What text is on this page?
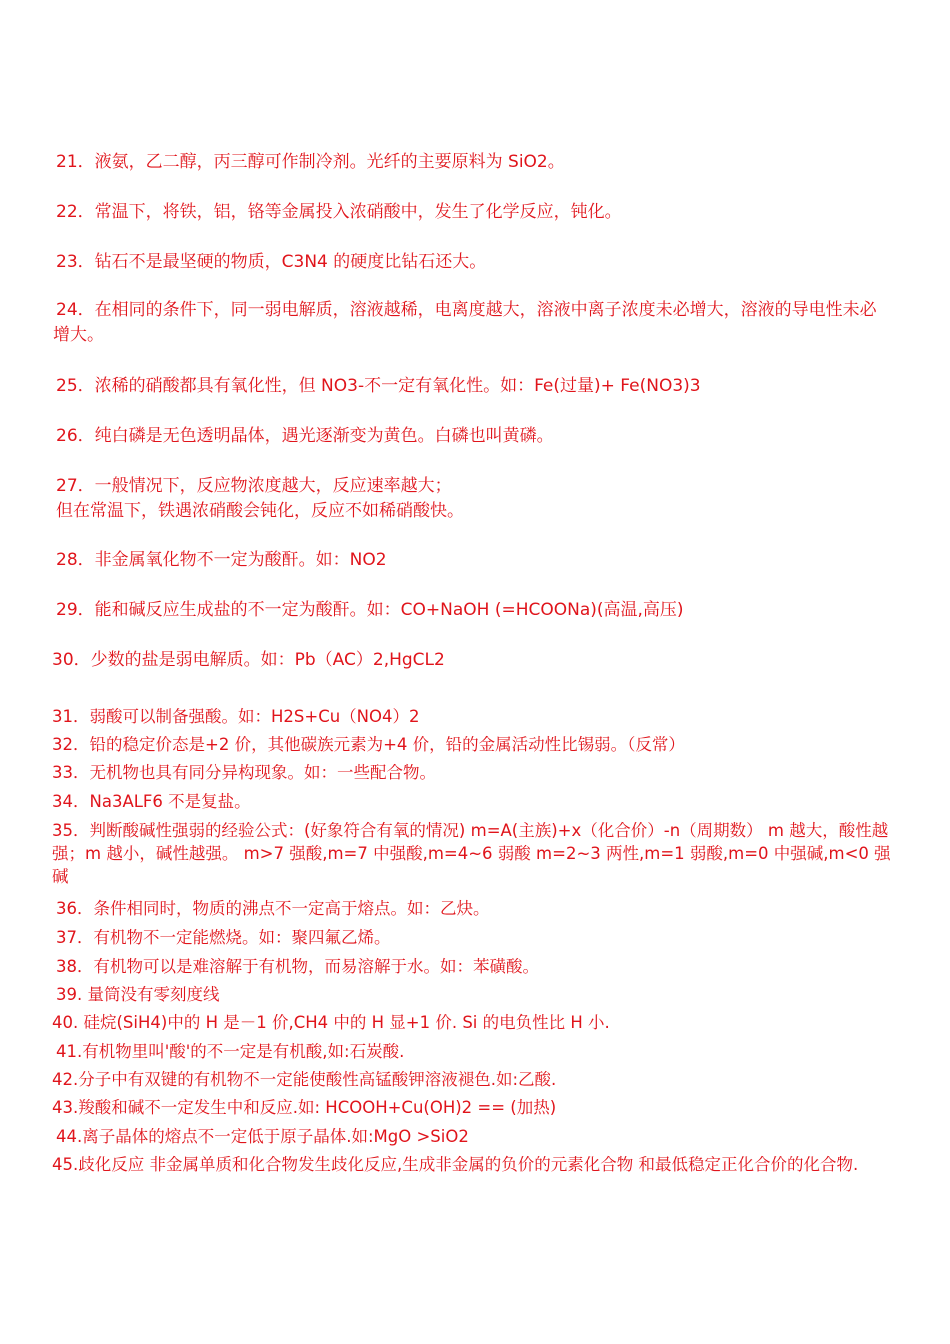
21．液氨，乙二醇，丙三醇可作制冷剂。光纤的主要原料为 SiO2。
22．常温下，将铁，铝，铬等金属投入浓硝酸中，发生了化学反应，钝化。
23．钻石不是最坚硬的物质，C3N4 的硬度比钻石还大。
24．在相同的条件下，同一弱电解质，溶液越稀，电离度越大，溶液中离子浓度未必增大，溶液的导电性未必增大。
25．浓稀的硝酸都具有氧化性，但 NO3-不一定有氧化性。如：Fe(过量)+ Fe(NO3)3
26．纯白磷是无色透明晶体，遇光逐渐变为黄色。白磷也叫黄磷。
27．一般情况下，反应物浓度越大，反应速率越大；
但在常温下，铁遇浓硝酸会钝化，反应不如稀硝酸快。
28．非金属氧化物不一定为酸酐。如：NO2
29．能和碱反应生成盐的不一定为酸酐。如：CO+NaOH (=HCOONa)(高温,高压)
30．少数的盐是弱电解质。如：Pb（AC）2,HgCL2
31．弱酸可以制备强酸。如：H2S+Cu（NO4）2
32．铅的稳定价态是+2 价，其他碳族元素为+4 价，铅的金属活动性比锡弱。（反常）
33．无机物也具有同分异构现象。如：一些配合物。
34．Na3ALF6 不是复盐。
35．判断酸碱性强弱的经验公式：(好象符合有氧的情况) m=A(主族)+x（化合价）-n（周期数） m 越大，酸性越强；m 越小，碱性越强。 m>7 强酸,m=7 中强酸,m=4~6 弱酸 m=2~3 两性,m=1 弱酸,m=0 中强碱,m<0 强碱
36．条件相同时，物质的沸点不一定高于熔点。如：乙炔。
37．有机物不一定能燃烧。如：聚四氟乙烯。
38．有机物可以是难溶解于有机物，而易溶解于水。如：苯磺酸。
39. 量筒没有零刻度线
40. 硅烷(SiH4)中的 H 是－1 价,CH4 中的 H 显+1 价. Si 的电负性比 H 小.
41.有机物里叫'酸'的不一定是有机酸,如:石炭酸.
42.分子中有双键的有机物不一定能使酸性高锰酸钾溶液褪色.如:乙酸.
43.羧酸和碱不一定发生中和反应.如: HCOOH+Cu(OH)2 == (加热)
44.离子晶体的熔点不一定低于原子晶体.如:MgO >SiO2
45.歧化反应 非金属单质和化合物发生歧化反应,生成非金属的负价的元素化合物 和最低稳定正化合价的化合物.
